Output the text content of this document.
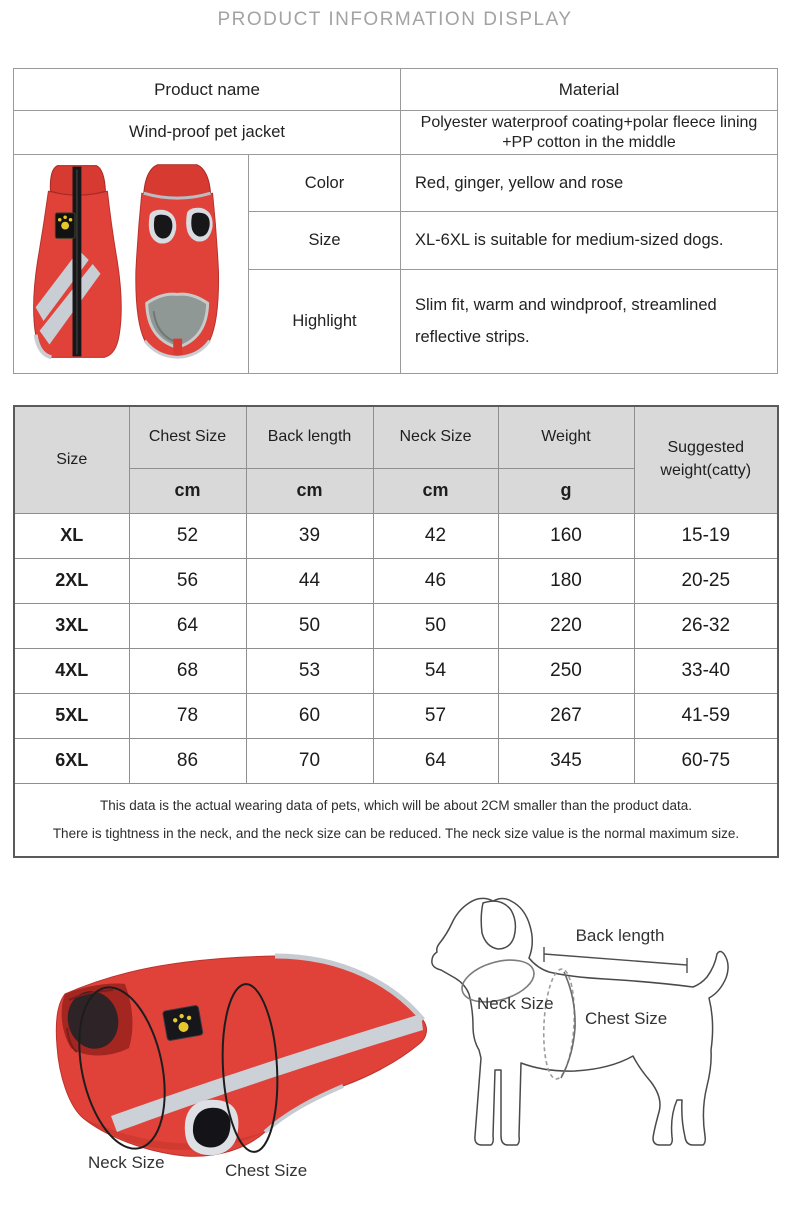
PRODUCT INFORMATION DISPLAY
Product name		Material
Wind-proof pet jacket		Polyester waterproof coating+polar fleece lining +PP cotton in the middle
	Color	Red, ginger, yellow and rose
	Size	XL-6XL is suitable for medium-sized dogs.
	Highlight	Slim fit, warm and windproof, streamlined reflective strips.
Size	Chest Size	Back length	Neck Size	Weight	Suggested weight(catty)
	cm	cm	cm	g	
XL	52	39	42	160	15-19
2XL	56	44	46	180	20-25
3XL	64	50	50	220	26-32
4XL	68	53	54	250	33-40
5XL	78	60	57	267	41-59
6XL	86	70	64	345	60-75

This data is the actual wearing data of pets, which will be about 2CM smaller than the product data.
There is tightness in the neck, and the neck size can be reduced. The neck size value is the normal maximum size.					
Neck Size	Chest Size
Back length
Neck Size
Chest Size
